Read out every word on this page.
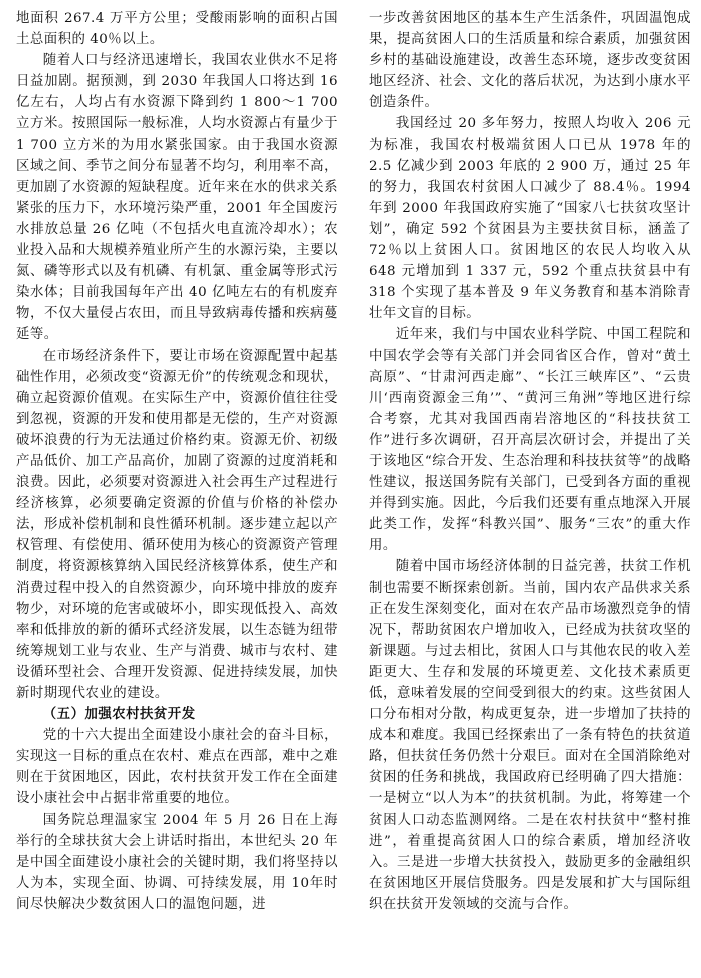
地面积 267.4 万平方公里；受酸雨影响的面积占国土总面积的 40％以上。

随着人口与经济迅速增长，我国农业供水不足将日益加剧。据预测，到 2030 年我国人口将达到 16 亿左右，人均占有水资源下降到约 1 800～1 700立方米。按照国际一般标准，人均水资源占有量少于 1 700 立方米的为用水紧张国家。由于我国水资源区域之间、季节之间分布显著不均匀，利用率不高，更加剧了水资源的短缺程度。近年来在水的供求关系紧张的压力下，水环境污染严重，2001 年全国废污水排放总量 26 亿吨（不包括火电直流冷却水）；农业投入品和大规模养殖业所产生的水源污染，主要以氮、磷等形式以及有机磷、有机氯、重金属等形式污染水体；目前我国每年产出 40 亿吨左右的有机废弃物，不仅大量侵占农田，而且导致病毒传播和疾病蔓延等。

在市场经济条件下，要让市场在资源配置中起基础性作用，必须改变“资源无价”的传统观念和现状，确立起资源价值观。在实际生产中，资源价值往往受到忽视，资源的开发和使用都是无偿的，生产对资源破坏浪费的行为无法通过价格约束。资源无价、初级产品低价、加工产品高价，加剧了资源的过度消耗和浪费。因此，必须要对资源进入社会再生产过程进行经济核算，必须要确定资源的价值与价格的补偿办法，形成补偿机制和良性循环机制。逐步建立起以产权管理、有偿使用、循环使用为核心的资源资产管理制度，将资源核算纳入国民经济核算体系，使生产和消费过程中投入的自然资源少，向环境中排放的废弃物少，对环境的危害或破坏小，即实现低投入、高效率和低排放的新的循环式经济发展，以生态链为纽带统筹规划工业与农业、生产与消费、城市与农村、建设循环型社会、合理开发资源、促进持续发展，加快新时期现代农业的建设。

（五）加强农村扶贫开发

党的十六大提出全面建设小康社会的奋斗目标，实现这一目标的重点在农村、难点在西部，难中之难则在于贫困地区，因此，农村扶贫开发工作在全面建设小康社会中占据非常重要的地位。

国务院总理温家宝 2004 年 5 月 26 日在上海举行的全球扶贫大会上讲话时指出，本世纪头 20 年是中国全面建设小康社会的关键时期，我们将坚持以人为本，实现全面、协调、可持续发展，用 10年时间尽快解决少数贫困人口的温饱问题，进

一步改善贫困地区的基本生产生活条件，巩固温饱成果，提高贫困人口的生活质量和综合素质，加强贫困乡村的基础设施建设，改善生态环境，逐步改变贫困地区经济、社会、文化的落后状况，为达到小康水平创造条件。

我国经过 20 多年努力，按照人均收入 206 元为标准，我国农村极端贫困人口已从 1978 年的 2.5 亿减少到 2003 年底的 2 900 万，通过 25 年的努力，我国农村贫困人口减少了 88.4％。1994 年到 2000 年我国政府实施了“国家八七扶贫攻坚计划”，确定 592 个贫困县为主要扶贫目标，涵盖了 72％以上贫困人口。贫困地区的农民人均收入从 648 元增加到 1 337 元，592 个重点扶贫县中有 318 个实现了基本普及 9 年义务教育和基本消除青壮年文盲的目标。

近年来，我们与中国农业科学院、中国工程院和中国农学会等有关部门并会同省区合作，曾对“黄土高原”、“甘肃河西走廊”、“长江三峡库区”、“云贵川‘西南资源金三角’”、“黄河三角洲”等地区进行综合考察，尤其对我国西南岩溶地区的“科技扶贫工作”进行多次调研，召开高层次研讨会，并提出了关于该地区“综合开发、生态治理和科技扶贫等”的战略性建议，报送国务院有关部门，已受到各方面的重视并得到实施。因此，今后我们还要有重点地深入开展此类工作，发挥“科教兴国”、服务“三农”的重大作用。

随着中国市场经济体制的日益完善，扶贫工作机制也需要不断探索创新。当前，国内农产品供求关系正在发生深刻变化，面对在农产品市场激烈竞争的情况下，帮助贫困农户增加收入，已经成为扶贫攻坚的新课题。与过去相比，贫困人口与其他农民的收入差距更大、生存和发展的环境更差、文化技术素质更低，意味着发展的空间受到很大的约束。这些贫困人口分布相对分散，构成更复杂，进一步增加了扶持的成本和难度。我国已经探索出了一条有特色的扶贫道路，但扶贫任务仍然十分艰巨。面对在全国消除绝对贫困的任务和挑战，我国政府已经明确了四大措施：一是树立“以人为本”的扶贫机制。为此，将筹建一个贫困人口动态监测网络。二是在农村扶贫中“整村推进”，着重提高贫困人口的综合素质，增加经济收入。三是进一步增大扶贫投入，鼓励更多的金融组织在贫困地区开展信贷服务。四是发展和扩大与国际组织在扶贫开发领域的交流与合作。
